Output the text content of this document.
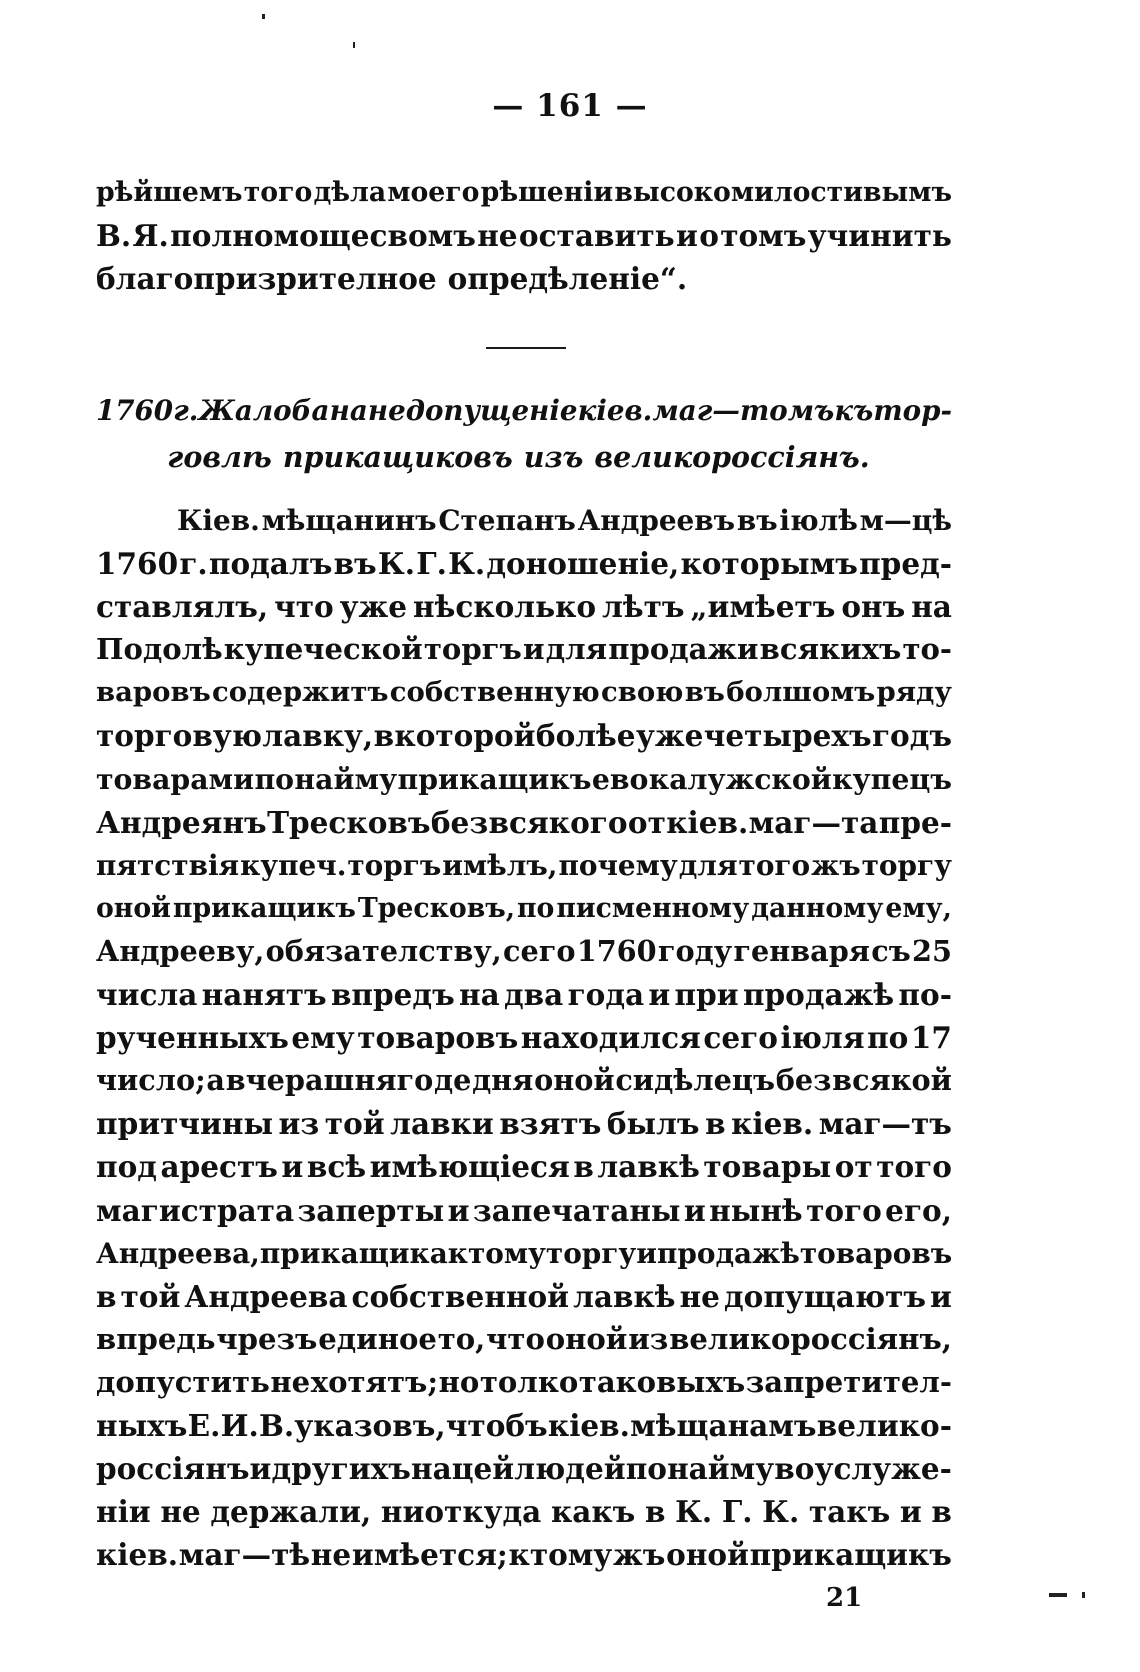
— 161 —
рѣйшемъ того дѣла моего рѣшеніи высокомилостивымъ
В. Я. полномощесвомъ не оставить и о томъ учинить
благопризрителное опредѣленіе“.
1760 г. Жалоба на недопущеніе кіев. маг—томъ къ тор-
говлѣ прикащиковъ изъ великороссіянъ.
Кіев. мѣщанинъ Степанъ Андреевъ въ іюлѣ м—цѣ
1760 г. подалъ въ К. Г. К. доношеніе, которымъ пред-
ставлялъ, что уже нѣсколько лѣтъ „имѣетъ онъ на
Подолѣ купеческой торгъ и для продажи всякихъ то-
варовъ содержитъ собственную свою въ болшомъ ряду
торговую лавку, в которой болѣе уже четырехъ годъ
товарами по найму прикащикъ ево калужской купецъ
Андреянъ Тресковъ без всякого от кіев. маг—та пре-
пятствія купеч. торгъ имѣлъ, почему для того жъ торгу
оной прикащикъ Тресковъ, по писменному данному ему,
Андрееву, обязателству, сего 1760 году генваря съ 25
числа нанятъ впредъ на два года и при продажѣ по-
рученныхъ ему товаровъ находился сего іюля по 17
число; а вчерашняго де дня оной сидѣлецъ без всякой
притчины из той лавки взятъ былъ в кіев. маг—тъ
под арестъ и всѣ имѣющіеся в лавкѣ товары от того
магистрата заперты и запечатаны и нынѣ того его,
Андреева, прикащика к тому торгу и продажѣ товаровъ
в той Андреева собственной лавкѣ не допущаютъ и
впредь чрезъ единое то, что оной из великороссіянъ,
допустить не хотятъ; но толко таковыхъ запретител-
ныхъ Е. И. В. указовъ, чтобъ кіев. мѣщанамъ велико-
россіянъ и другихъ нацей людей по найму во услуже-
ніи не держали, ниоткуда какъ в К. Г. К. такъ и в
кіев. маг—тѣ не имѣется; ктому жъ оной прикащикъ
21
